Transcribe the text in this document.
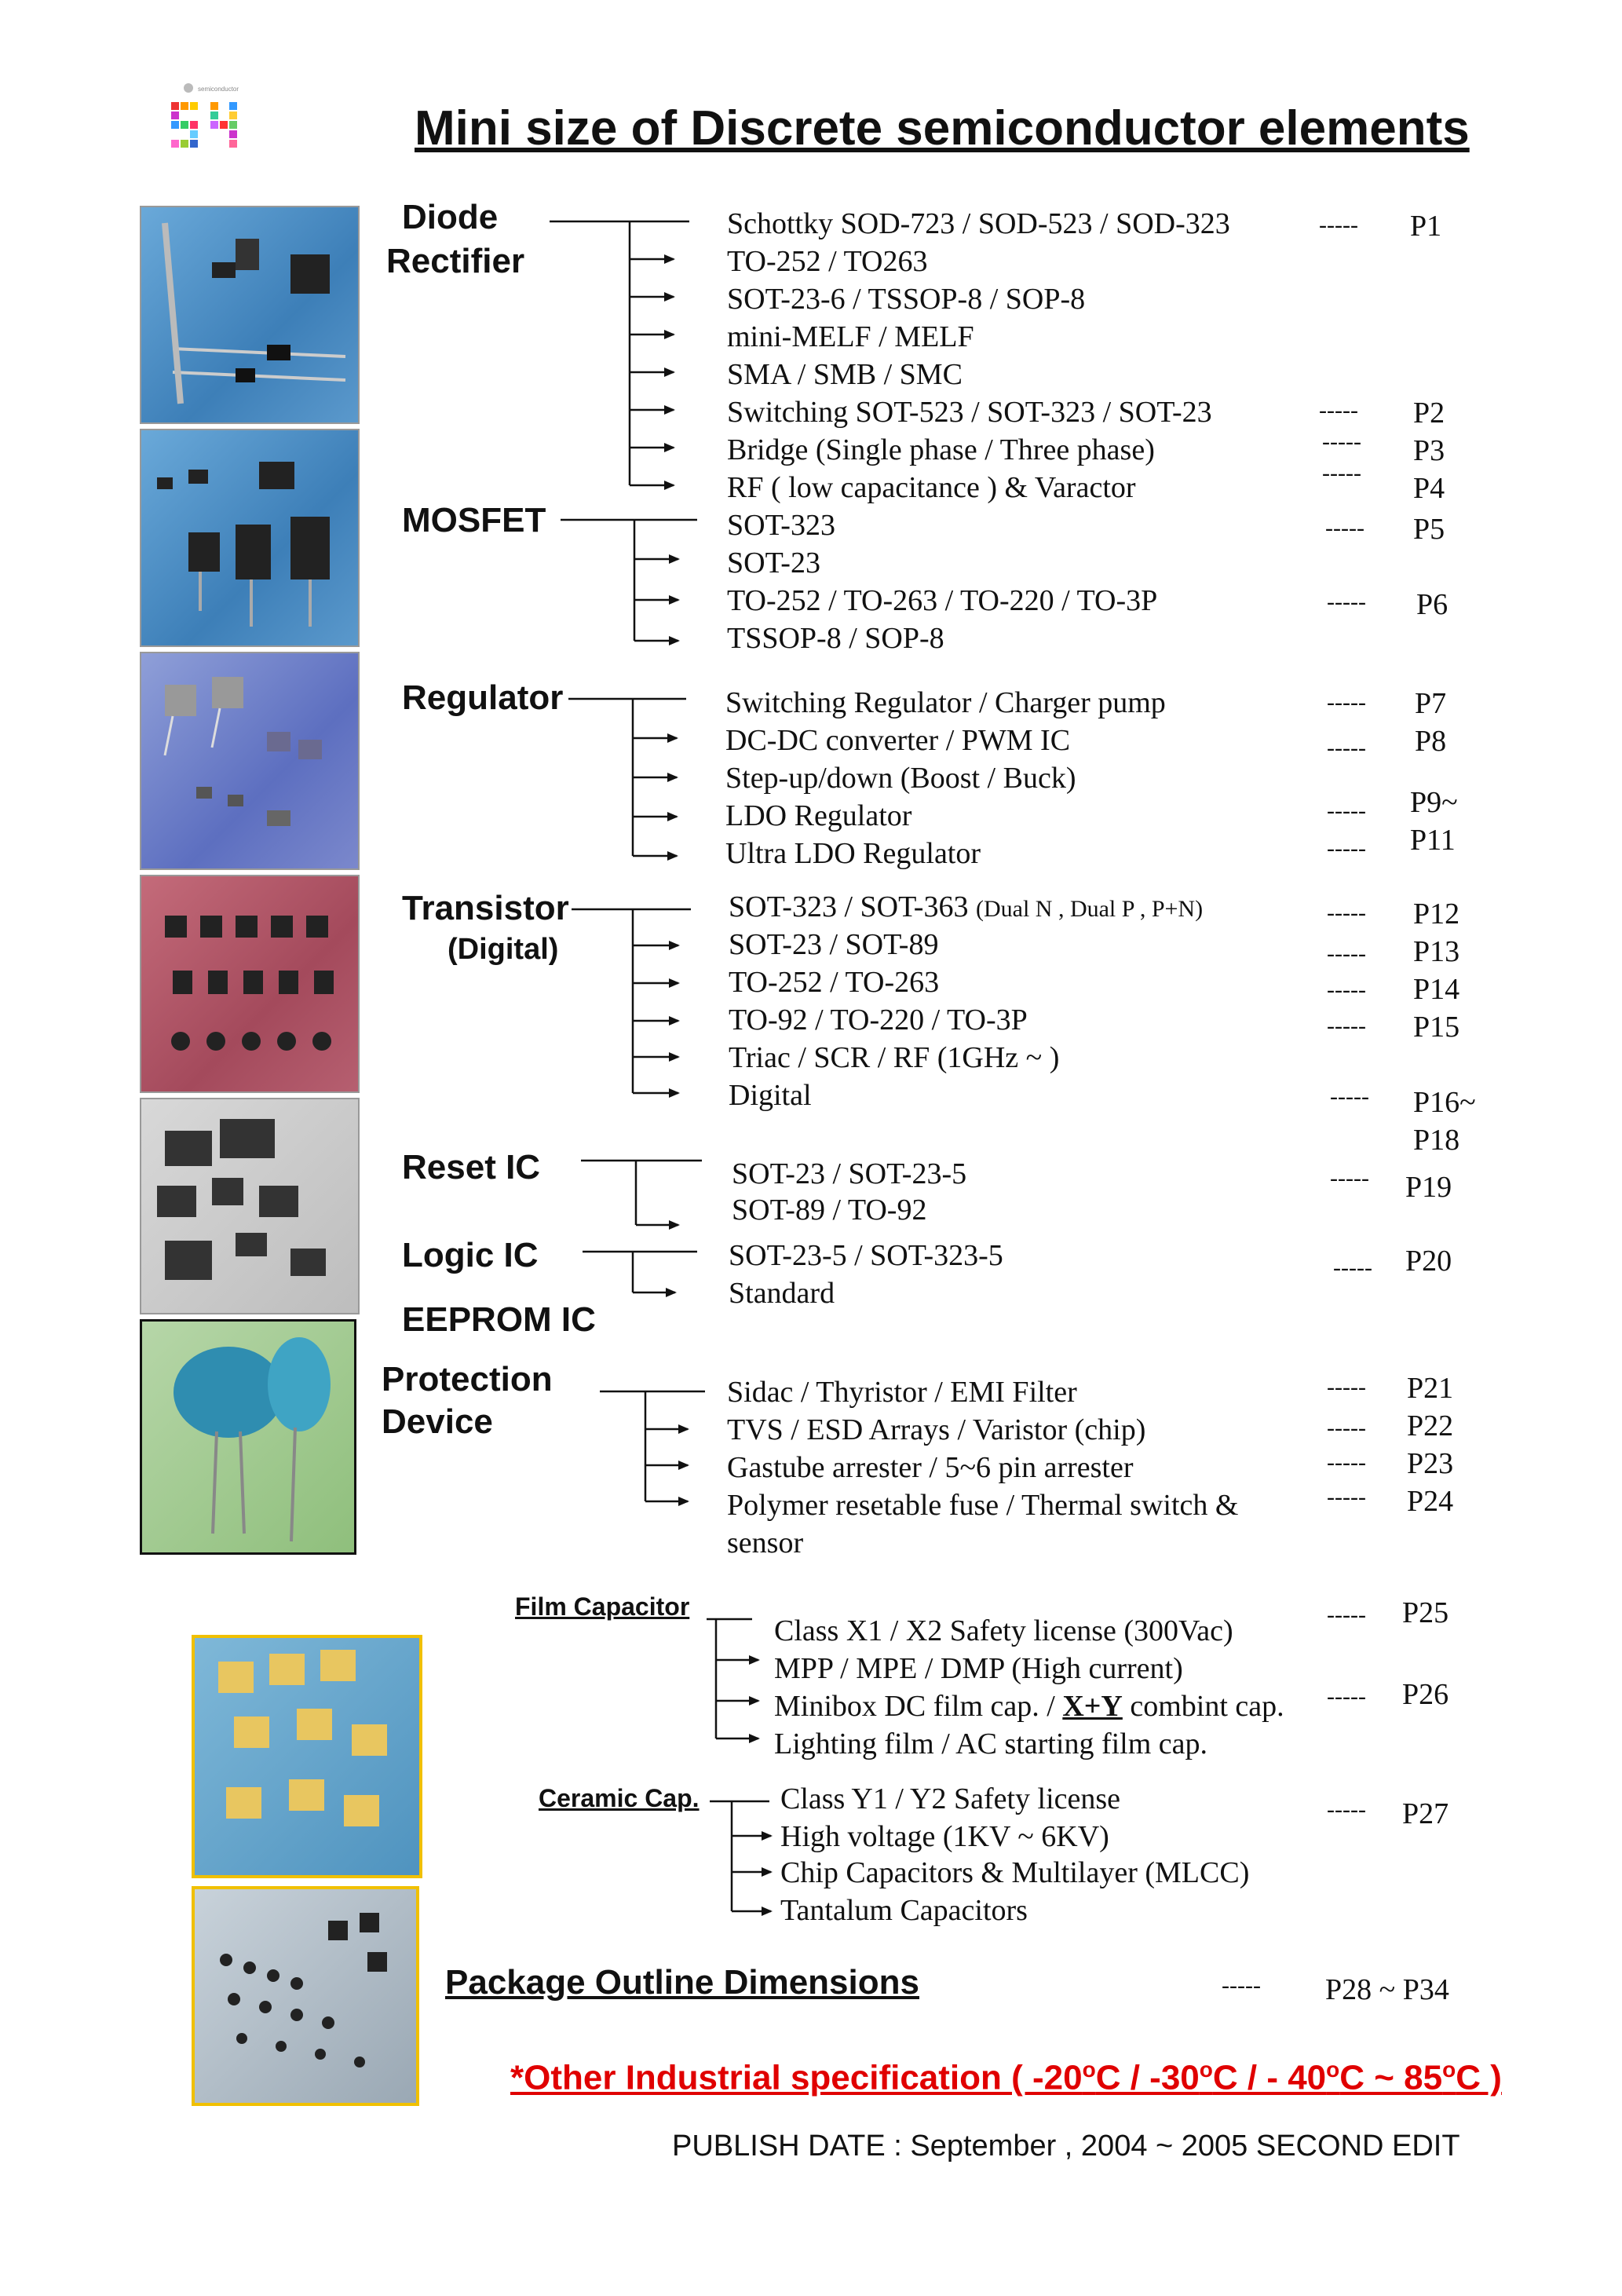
semiconductor
Mini size of Discrete semiconductor elements
Diode
Rectifier
MOSFET
Regulator
Transistor
(Digital)
Reset IC
Logic IC
EEPROM IC
Protection
Device
Film Capacitor
Ceramic Cap.
Schottky SOD-723 / SOD-523 / SOD-323
TO-252 / TO263
SOT-23-6 / TSSOP-8 / SOP-8
mini-MELF / MELF
SMA / SMB / SMC
Switching SOT-523 / SOT-323 / SOT-23
Bridge (Single phase / Three phase)
RF ( low capacitance ) & Varactor
SOT-323
SOT-23
TO-252 / TO-263 / TO-220 / TO-3P
TSSOP-8 / SOP-8
Switching Regulator / Charger pump
DC-DC converter / PWM IC
Step-up/down (Boost / Buck)
LDO Regulator
Ultra LDO Regulator
SOT-323 / SOT-363 (Dual N , Dual P , P+N)
SOT-23 / SOT-89
TO-252 / TO-263
TO-92 / TO-220 / TO-3P
Triac / SCR / RF (1GHz ~ )
Digital
SOT-23 / SOT-23-5
SOT-89 / TO-92
SOT-23-5 / SOT-323-5
Standard
Sidac / Thyristor / EMI Filter
TVS / ESD Arrays / Varistor (chip)
Gastube arrester / 5~6 pin arrester
Polymer resetable fuse / Thermal switch &
sensor
Class X1 / X2 Safety license (300Vac)
MPP / MPE / DMP (High current)
Minibox DC film cap. / X+Y combint cap.
Lighting film / AC starting film cap.
Class Y1 / Y2 Safety license
High voltage (1KV ~ 6KV)
Chip Capacitors & Multilayer (MLCC)
Tantalum Capacitors
-----
-----
-----
-----
-----
-----
-----
-----
-----
-----
-----
-----
-----
-----
-----
-----
-----
-----
-----
-----
-----
-----
-----
-----
-----
P1
P2
P3
P4
P5
P6
P7
P8
P9~
P11
P12
P13
P14
P15
P16~
P18
P19
P20
P21
P22
P23
P24
P25
P26
P27
P28 ~ P34
Package Outline Dimensions
*Other Industrial specification ( -20$^o$C / -30$^o$C / - 40$^o$C ~ 85$^o$C )
PUBLISH DATE : September , 2004 ~ 2005 SECOND EDIT
